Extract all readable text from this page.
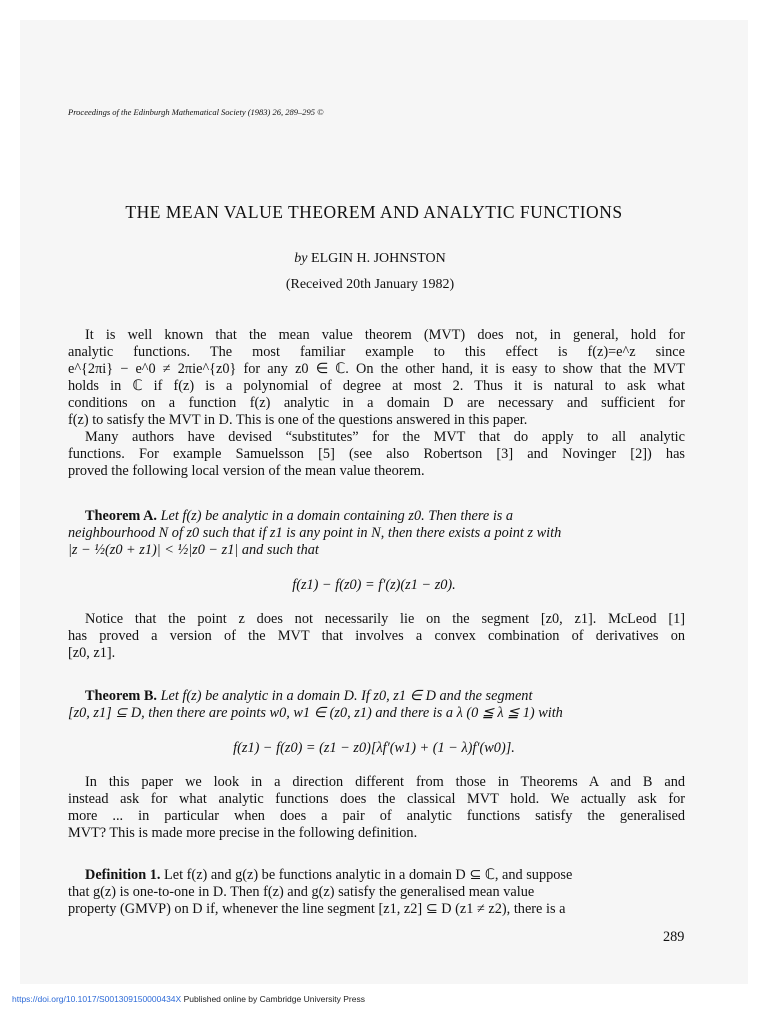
Proceedings of the Edinburgh Mathematical Society (1983) 26, 289–295 ©
THE MEAN VALUE THEOREM AND ANALYTIC FUNCTIONS
by ELGIN H. JOHNSTON
(Received 20th January 1982)
It is well known that the mean value theorem (MVT) does not, in general, hold for
analytic functions. The most familiar example to this effect is f(z)=e^z since
e^{2πi} − e^0 ≠ 2πie^{z0} for any z0 ∈ ℂ. On the other hand, it is easy to show that the MVT
holds in ℂ if f(z) is a polynomial of degree at most 2. Thus it is natural to ask what
conditions on a function f(z) analytic in a domain D are necessary and sufficient for
f(z) to satisfy the MVT in D. This is one of the questions answered in this paper.
Many authors have devised “substitutes” for the MVT that do apply to all analytic
functions. For example Samuelsson [5] (see also Robertson [3] and Novinger [2]) has
proved the following local version of the mean value theorem.
Theorem A. Let f(z) be analytic in a domain containing z0. Then there is a
neighbourhood N of z0 such that if z1 is any point in N, then there exists a point z with
|z − ½(z0 + z1)| < ½|z0 − z1| and such that
f(z1) − f(z0) = f′(z)(z1 − z0).
Notice that the point z does not necessarily lie on the segment [z0, z1]. McLeod [1]
has proved a version of the MVT that involves a convex combination of derivatives on
[z0, z1].
Theorem B. Let f(z) be analytic in a domain D. If z0, z1 ∈ D and the segment
[z0, z1] ⊆ D, then there are points w0, w1 ∈ (z0, z1) and there is a λ (0 ≦ λ ≦ 1) with
f(z1) − f(z0) = (z1 − z0)[λf′(w1) + (1 − λ)f′(w0)].
In this paper we look in a direction different from those in Theorems A and B and
instead ask for what analytic functions does the classical MVT hold. We actually ask for
more ... in particular when does a pair of analytic functions satisfy the generalised
MVT? This is made more precise in the following definition.
Definition 1. Let f(z) and g(z) be functions analytic in a domain D ⊆ ℂ, and suppose
that g(z) is one-to-one in D. Then f(z) and g(z) satisfy the generalised mean value
property (GMVP) on D if, whenever the line segment [z1, z2] ⊆ D (z1 ≠ z2), there is a
289
https://doi.org/10.1017/S001309150000434X Published online by Cambridge University Press
